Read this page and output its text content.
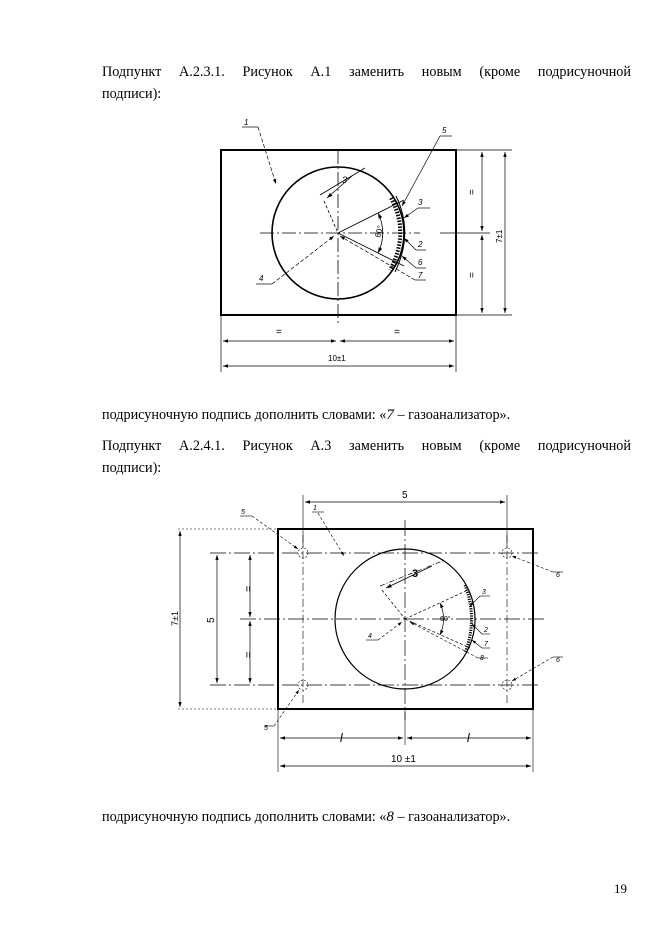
Подпункт А.2.3.1. Рисунок А.1 заменить новым (кроме подрисуночной
подписи):
60°
3
1
4
5
3
2
6
7
=
=
7±1
=	=
10±1
подрисуночную подпись дополнить словами: «7 – газоанализатор».
Подпункт А.2.4.1. Рисунок А.3 заменить новым (кроме подрисуночной
подписи):
3
60°
1
5
5
6
6
4
3
2
7
8
5
7±1	5
=
=
l	l
10 ±1
подрисуночную подпись дополнить словами: «8 – газоанализатор».
19
